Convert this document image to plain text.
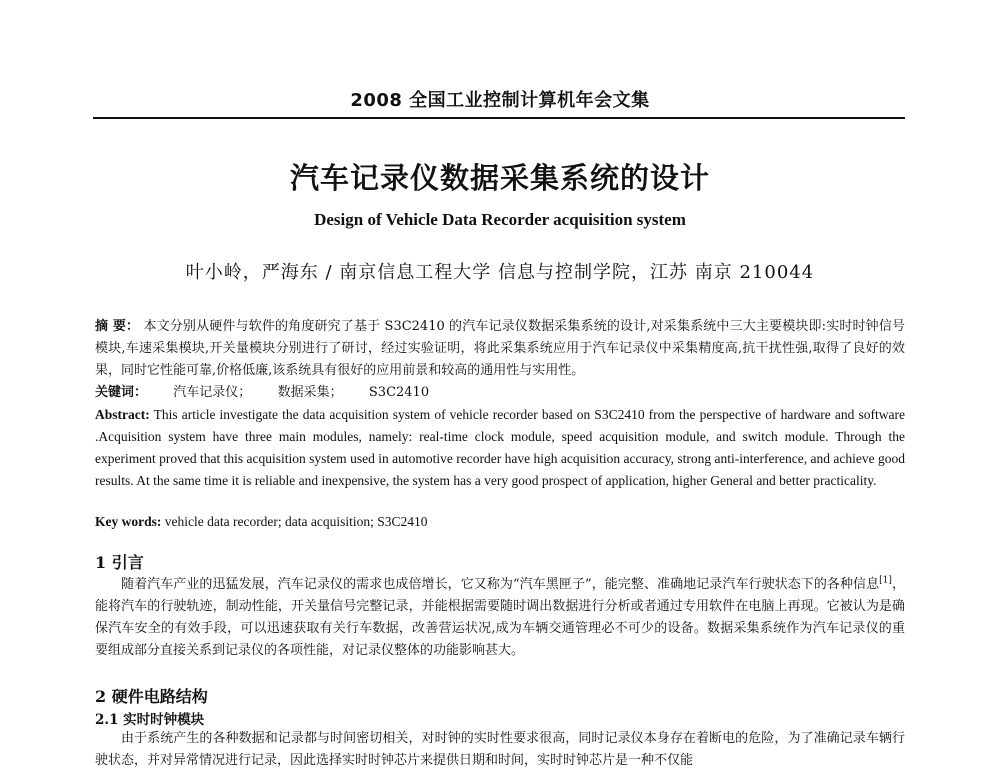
2008 全国工业控制计算机年会文集
汽车记录仪数据采集系统的设计
Design of Vehicle Data Recorder acquisition system
叶小岭，严海东 / 南京信息工程大学 信息与控制学院，江苏 南京 210044
摘 要： 本文分别从硬件与软件的角度研究了基于 S3C2410 的汽车记录仪数据采集系统的设计,对采集系统中三大主要模块即:实时时钟信号模块,车速采集模块,开关量模块分别进行了研讨，经过实验证明，将此采集系统应用于汽车记录仪中采集精度高,抗干扰性强,取得了良好的效果，同时它性能可靠,价格低廉,该系统具有很好的应用前景和较高的通用性与实用性。
关键词： 汽车记录仪； 数据采集； S3C2410
Abstract: This article investigate the data acquisition system of vehicle recorder based on S3C2410 from the perspective of hardware and software .Acquisition system have three main modules, namely: real-time clock module, speed acquisition module, and switch module. Through the experiment proved that this acquisition system used in automotive recorder have high acquisition accuracy, strong anti-interference, and achieve good results. At the same time it is reliable and inexpensive, the system has a very good prospect of application, higher General and better practicality.
Key words: vehicle data recorder; data acquisition; S3C2410
1 引言
随着汽车产业的迅猛发展，汽车记录仪的需求也成倍增长，它又称为“汽车黑匣子”，能完整、准确地记录汽车行驶状态下的各种信息[1]，能将汽车的行驶轨迹，制动性能，开关量信号完整记录，并能根据需要随时调出数据进行分析或者通过专用软件在电脑上再现。它被认为是确保汽车安全的有效手段，可以迅速获取有关行车数据，改善营运状况,成为车辆交通管理必不可少的设备。数据采集系统作为汽车记录仪的重要组成部分直接关系到记录仪的各项性能，对记录仪整体的功能影响甚大。
2 硬件电路结构
2.1 实时时钟模块
由于系统产生的各种数据和记录都与时间密切相关，对时钟的实时性要求很高，同时记录仪本身存在着断电的危险，为了准确记录车辆行驶状态，并对异常情况进行记录，因此选择实时时钟芯片来提供日期和时间，实时时钟芯片是一种不仅能
